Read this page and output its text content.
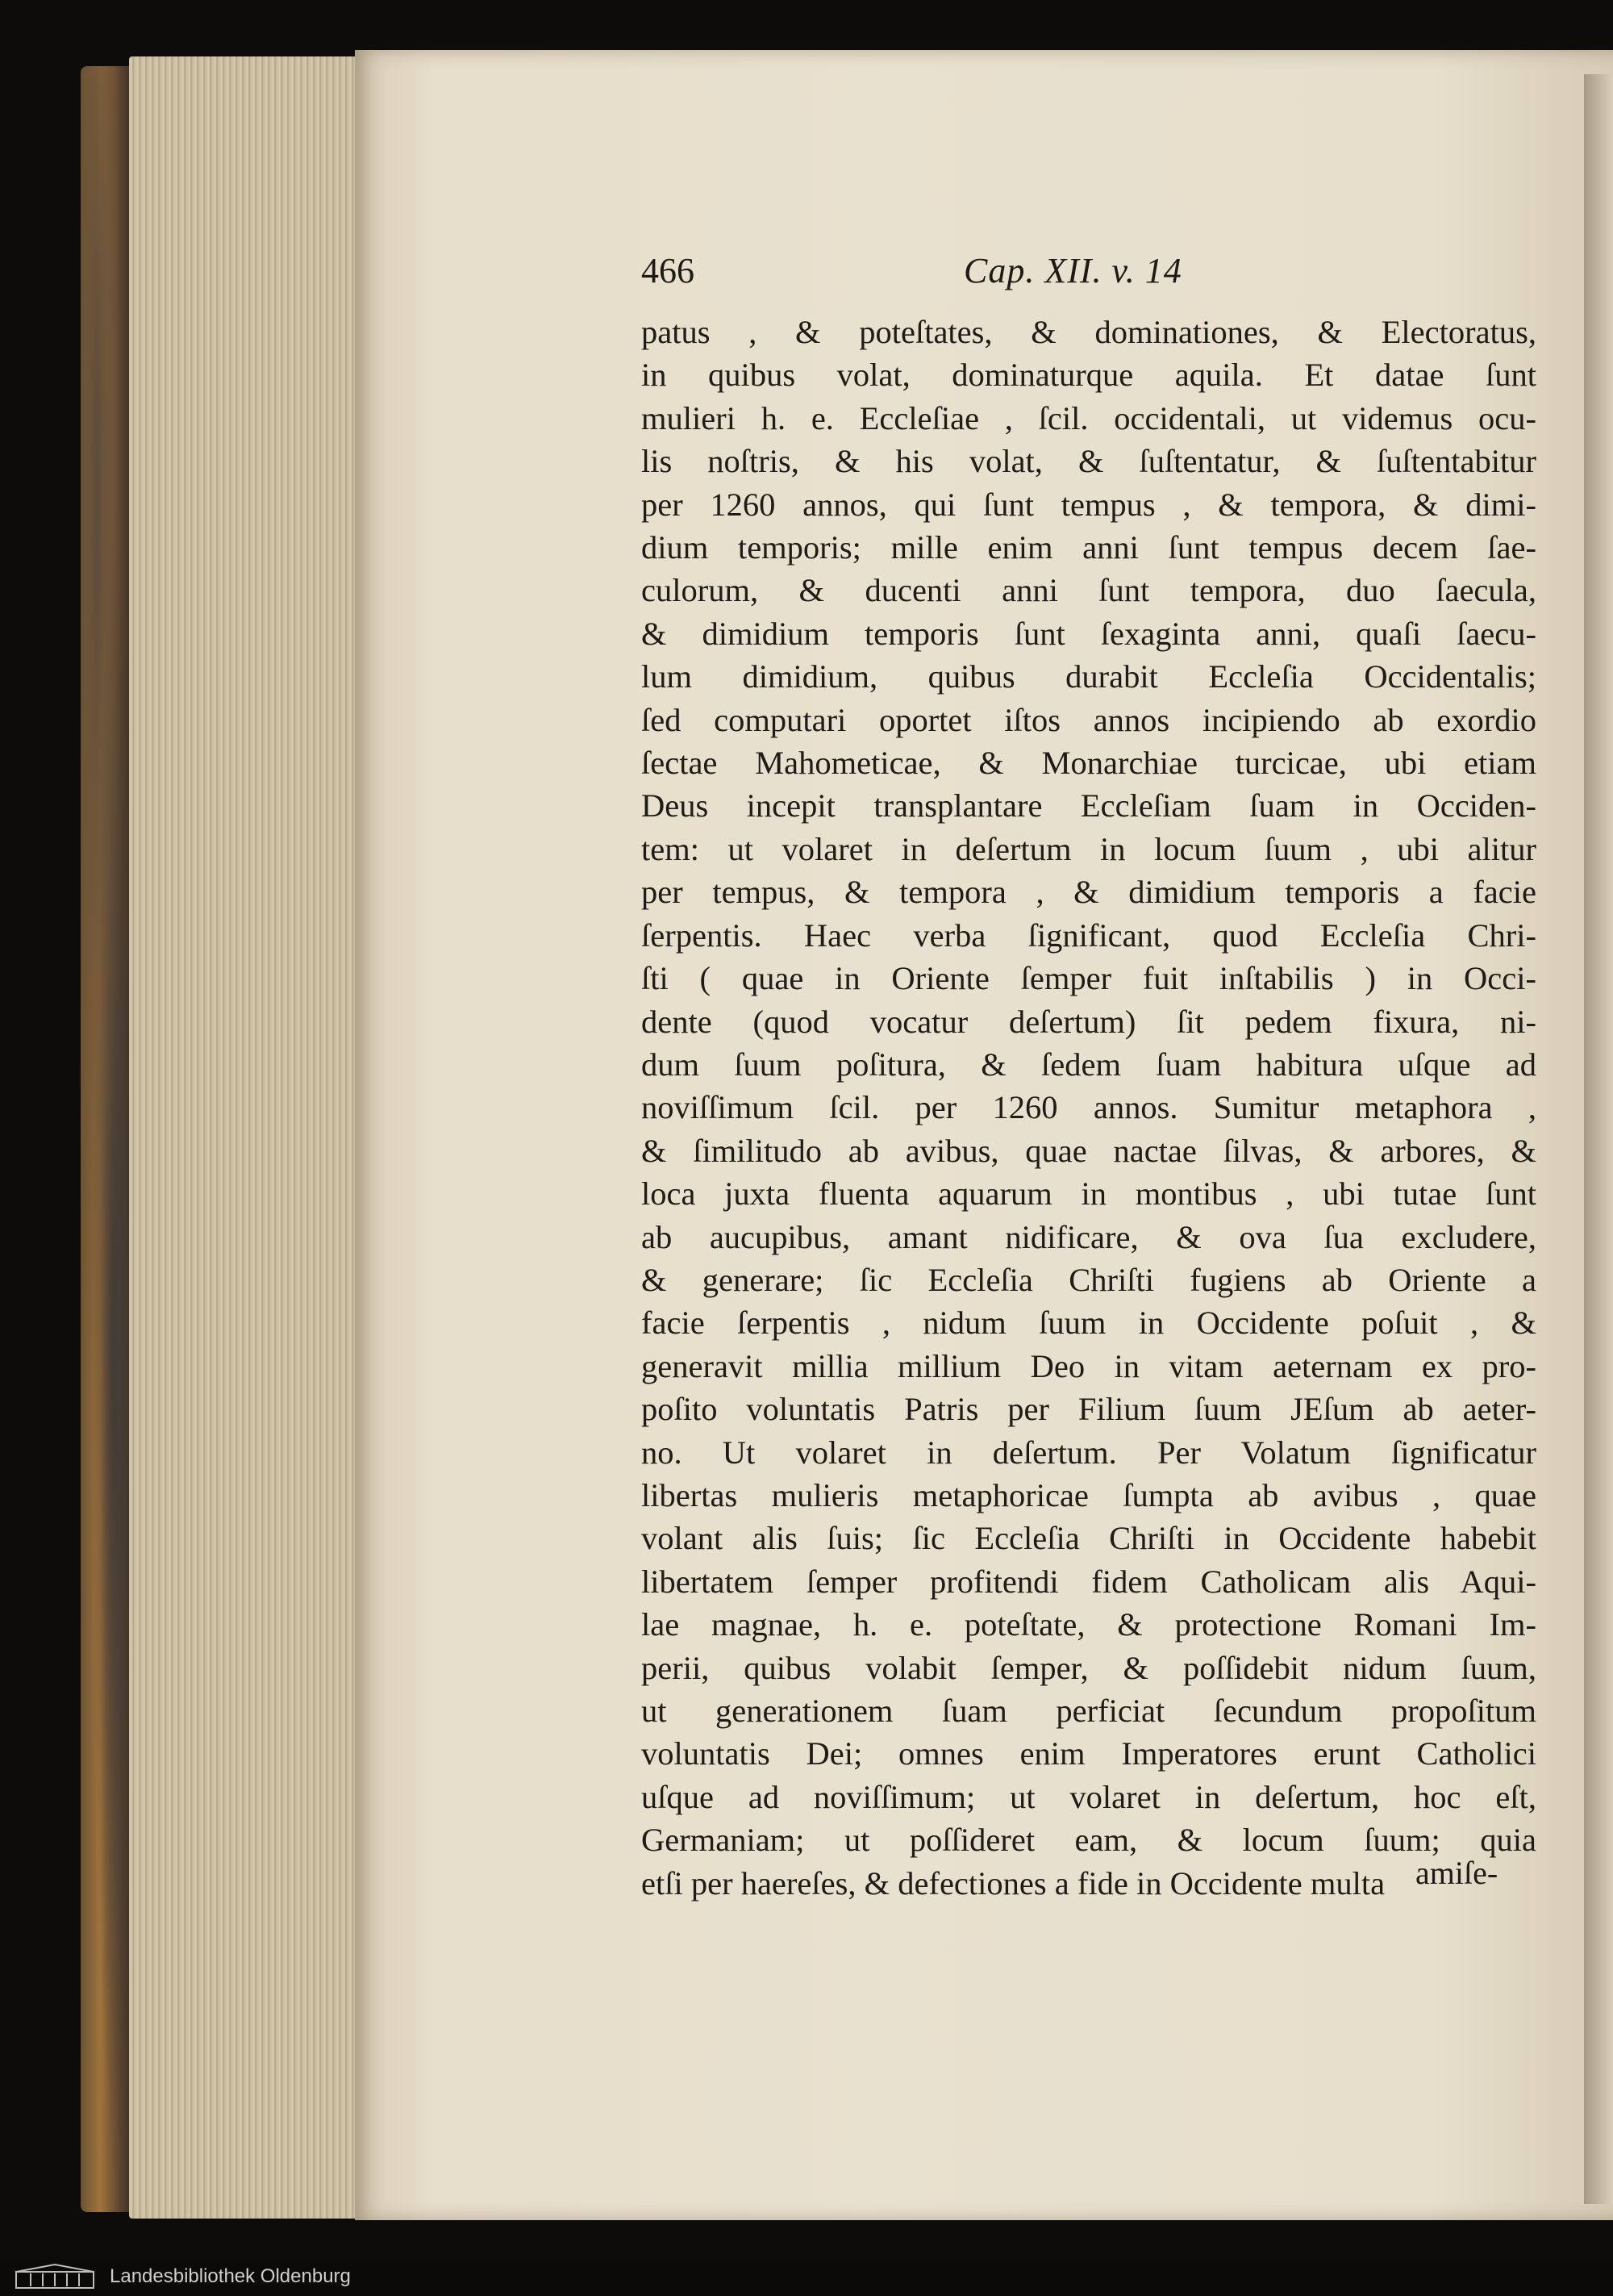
466	Cap. XII. v. 14
patus , & poteſtates, & dominationes, & Electoratus,
in quibus volat, dominaturque aquila. Et datae ſunt
mulieri h. e. Eccleſiae , ſcil. occidentali, ut videmus ocu-
lis noſtris, & his volat, & ſuſtentatur, & ſuſtentabitur
per 1260 annos, qui ſunt tempus , & tempora, & dimi-
dium temporis; mille enim anni ſunt tempus decem ſae-
culorum, & ducenti anni ſunt tempora, duo ſaecula,
& dimidium temporis ſunt ſexaginta anni, quaſi ſaecu-
lum dimidium, quibus durabit Eccleſia Occidentalis;
ſed computari oportet iſtos annos incipiendo ab exordio
ſectae Mahometicae, & Monarchiae turcicae, ubi etiam
Deus incepit transplantare Eccleſiam ſuam in Occiden-
tem: ut volaret in deſertum in locum ſuum , ubi alitur
per tempus, & tempora , & dimidium temporis a facie
ſerpentis. Haec verba ſignificant, quod Eccleſia Chri-
ſti ( quae in Oriente ſemper fuit inſtabilis ) in Occi-
dente (quod vocatur deſertum) ſit pedem fixura, ni-
dum ſuum poſitura, & ſedem ſuam habitura uſque ad
noviſſimum ſcil. per 1260 annos. Sumitur metaphora ,
& ſimilitudo ab avibus, quae nactae ſilvas, & arbores, &
loca juxta fluenta aquarum in montibus , ubi tutae ſunt
ab aucupibus, amant nidificare, & ova ſua excludere,
& generare; ſic Eccleſia Chriſti fugiens ab Oriente a
facie ſerpentis , nidum ſuum in Occidente poſuit , &
generavit millia millium Deo in vitam aeternam ex pro-
poſito voluntatis Patris per Filium ſuum JEſum ab aeter-
no. Ut volaret in deſertum. Per Volatum ſignificatur
libertas mulieris metaphoricae ſumpta ab avibus , quae
volant alis ſuis; ſic Eccleſia Chriſti in Occidente habebit
libertatem ſemper profitendi fidem Catholicam alis Aqui-
lae magnae, h. e. poteſtate, & protectione Romani Im-
perii, quibus volabit ſemper, & poſſidebit nidum ſuum,
ut generationem ſuam perficiat ſecundum propoſitum
voluntatis Dei; omnes enim Imperatores erunt Catholici
uſque ad noviſſimum; ut volaret in deſertum, hoc eſt,
Germaniam; ut poſſideret eam, & locum ſuum; quia
etſi per haereſes, & defectiones a fide in Occidente multa amiſe-
Landesbibliothek Oldenburg
